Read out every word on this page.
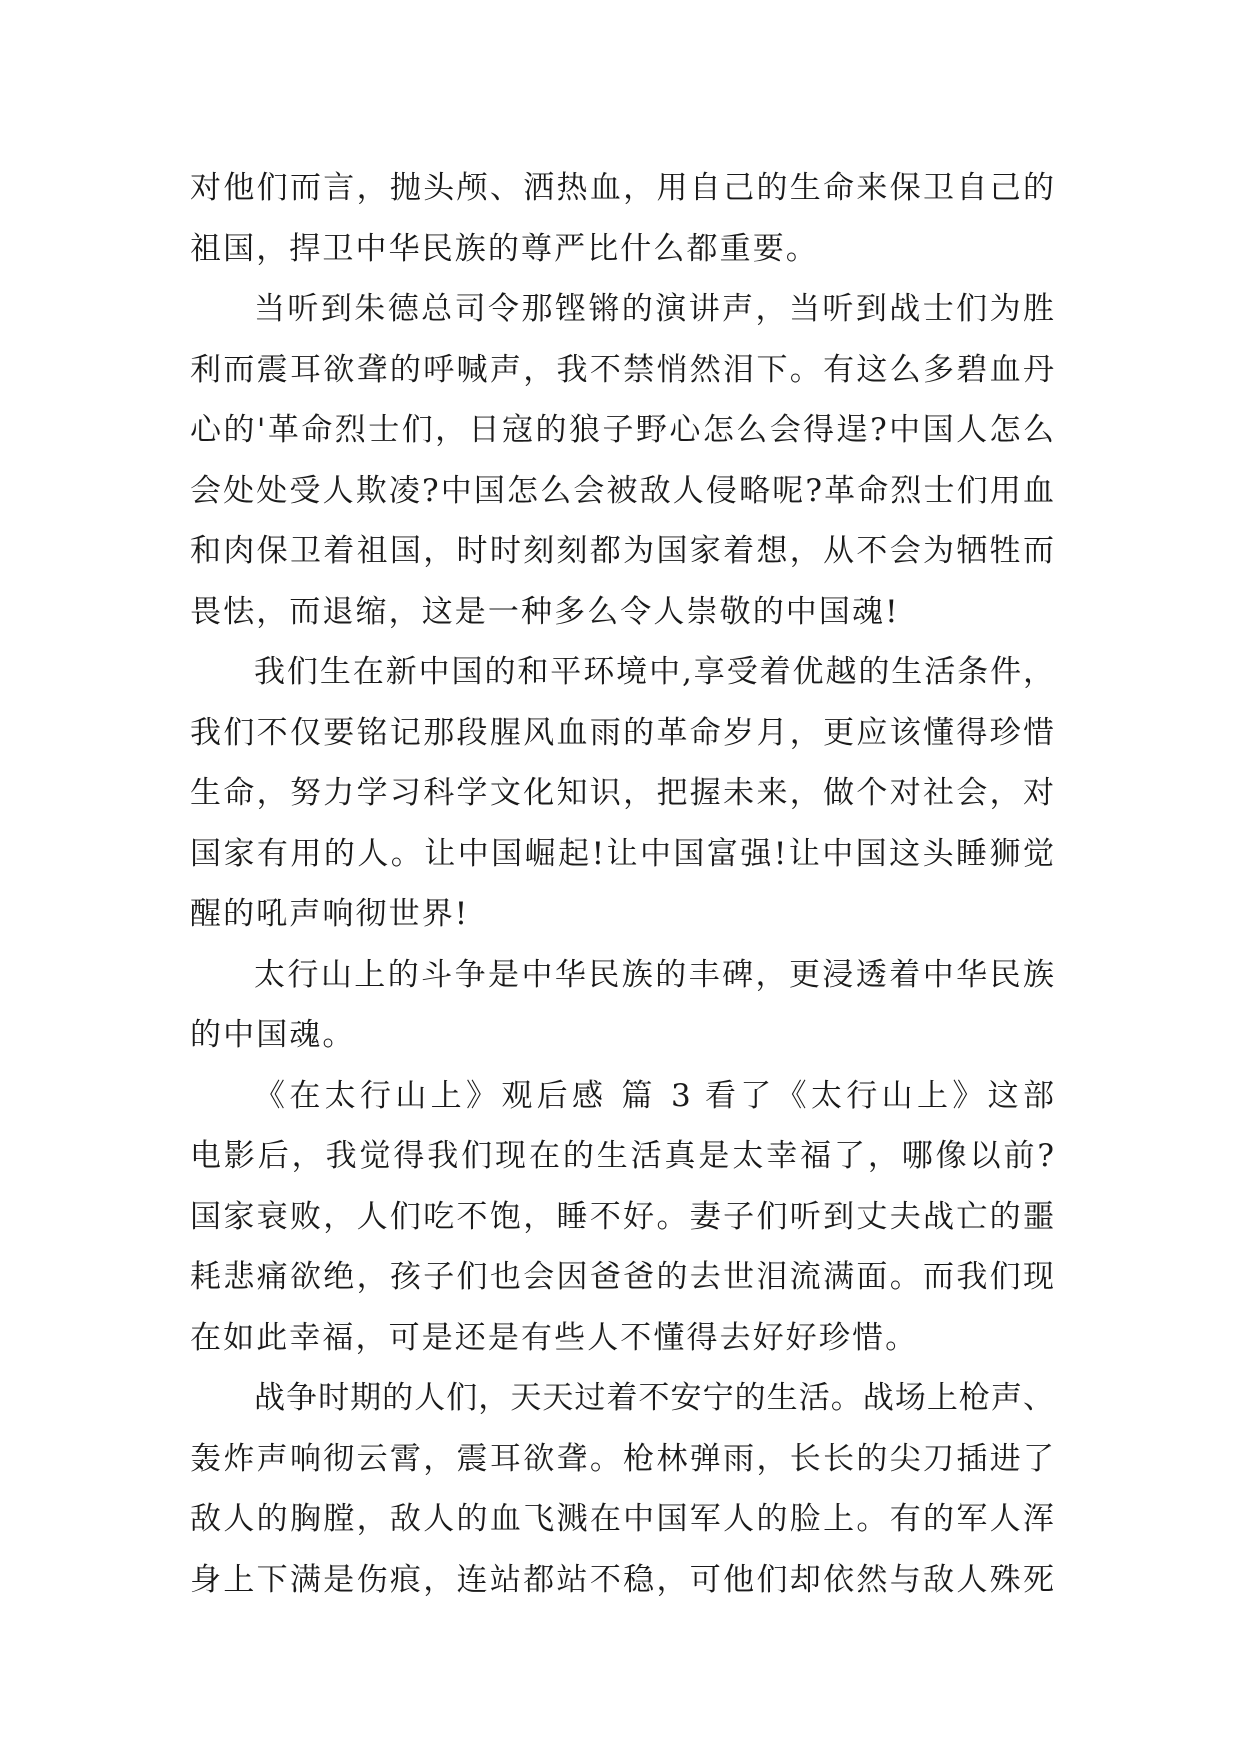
对他们而言，抛头颅、洒热血，用自己的生命来保卫自己的
祖国，捍卫中华民族的尊严比什么都重要。
当听到朱德总司令那铿锵的演讲声，当听到战士们为胜
利而震耳欲聋的呼喊声，我不禁悄然泪下。有这么多碧血丹
心的'革命烈士们，日寇的狼子野心怎么会得逞?中国人怎么
会处处受人欺凌?中国怎么会被敌人侵略呢?革命烈士们用血
和肉保卫着祖国，时时刻刻都为国家着想，从不会为牺牲而
畏怯，而退缩，这是一种多么令人崇敬的中国魂!
我们生在新中国的和平环境中,享受着优越的生活条件，
我们不仅要铭记那段腥风血雨的革命岁月，更应该懂得珍惜
生命，努力学习科学文化知识，把握未来，做个对社会，对
国家有用的人。让中国崛起!让中国富强!让中国这头睡狮觉
醒的吼声响彻世界!
太行山上的斗争是中华民族的丰碑，更浸透着中华民族
的中国魂。
《在太行山上》观后感 篇 3 看了《太行山上》这部
电影后，我觉得我们现在的生活真是太幸福了，哪像以前?
国家衰败，人们吃不饱，睡不好。妻子们听到丈夫战亡的噩
耗悲痛欲绝，孩子们也会因爸爸的去世泪流满面。而我们现
在如此幸福，可是还是有些人不懂得去好好珍惜。
战争时期的人们，天天过着不安宁的生活。战场上枪声、
轰炸声响彻云霄，震耳欲聋。枪林弹雨，长长的尖刀插进了
敌人的胸膛，敌人的血飞溅在中国军人的脸上。有的军人浑
身上下满是伤痕，连站都站不稳，可他们却依然与敌人殊死
